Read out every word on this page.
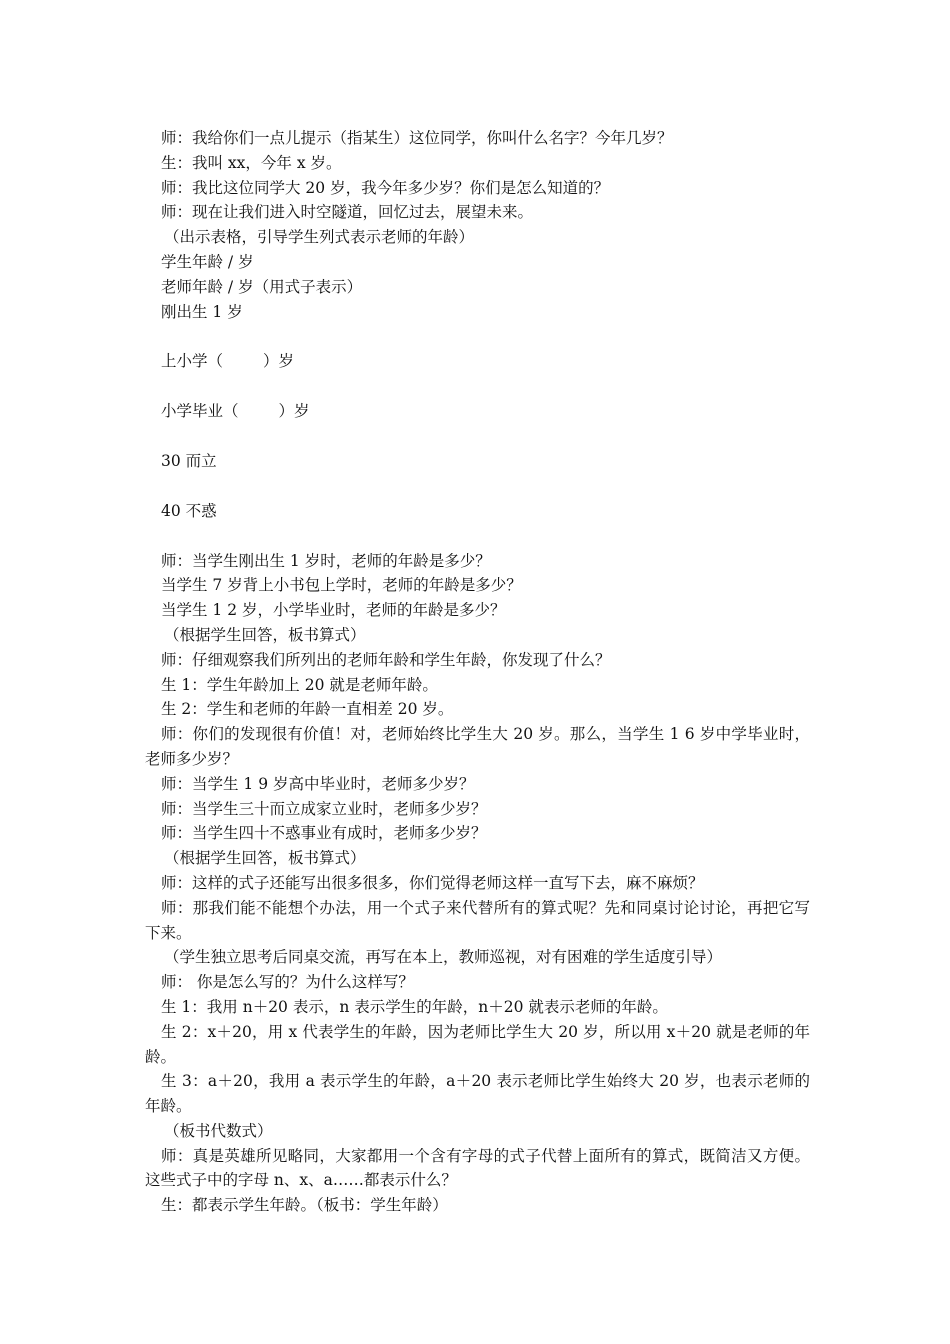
师：我给你们一点儿提示（指某生）这位同学，你叫什么名字？今年几岁？
生：我叫 xx，今年 x 岁。
师：我比这位同学大 20 岁，我今年多少岁？你们是怎么知道的？
师：现在让我们进入时空隧道，回忆过去，展望未来。
（出示表格，引导学生列式表示老师的年龄）
学生年龄 / 岁
老师年龄 / 岁（用式子表示）
刚出生 1 岁
上小学（	）岁
小学毕业（	）岁
30 而立
40 不惑
师：当学生刚出生 1 岁时，老师的年龄是多少？
当学生 7 岁背上小书包上学时，老师的年龄是多少？
当学生 1 2 岁，小学毕业时，老师的年龄是多少？
（根据学生回答，板书算式）
师：仔细观察我们所列出的老师年龄和学生年龄，你发现了什么？
生 1：学生年龄加上 20 就是老师年龄。
生 2：学生和老师的年龄一直相差 20 岁。
师：你们的发现很有价值！对，老师始终比学生大 20 岁。那么，当学生 1 6 岁中学毕业时，老师多少岁？
师：当学生 1 9 岁高中毕业时，老师多少岁？
师：当学生三十而立成家立业时，老师多少岁？
师：当学生四十不惑事业有成时，老师多少岁？
（根据学生回答，板书算式）
师：这样的式子还能写出很多很多，你们觉得老师这样一直写下去，麻不麻烦？
师：那我们能不能想个办法，用一个式子来代替所有的算式呢？先和同桌讨论讨论，再把它写下来。
（学生独立思考后同桌交流，再写在本上，教师巡视，对有困难的学生适度引导）
师： 你是怎么写的？为什么这样写？
生 1：我用 n＋20 表示，n 表示学生的年龄，n＋20 就表示老师的年龄。
生 2：x＋20，用 x 代表学生的年龄，因为老师比学生大 20 岁，所以用 x＋20 就是老师的年龄。
生 3：a＋20，我用 a 表示学生的年龄，a＋20 表示老师比学生始终大 20 岁，也表示老师的年龄。
（板书代数式）
师：真是英雄所见略同，大家都用一个含有字母的式子代替上面所有的算式，既简洁又方便。这些式子中的字母 n、x、a……都表示什么？
生：都表示学生年龄。（板书：学生年龄）
